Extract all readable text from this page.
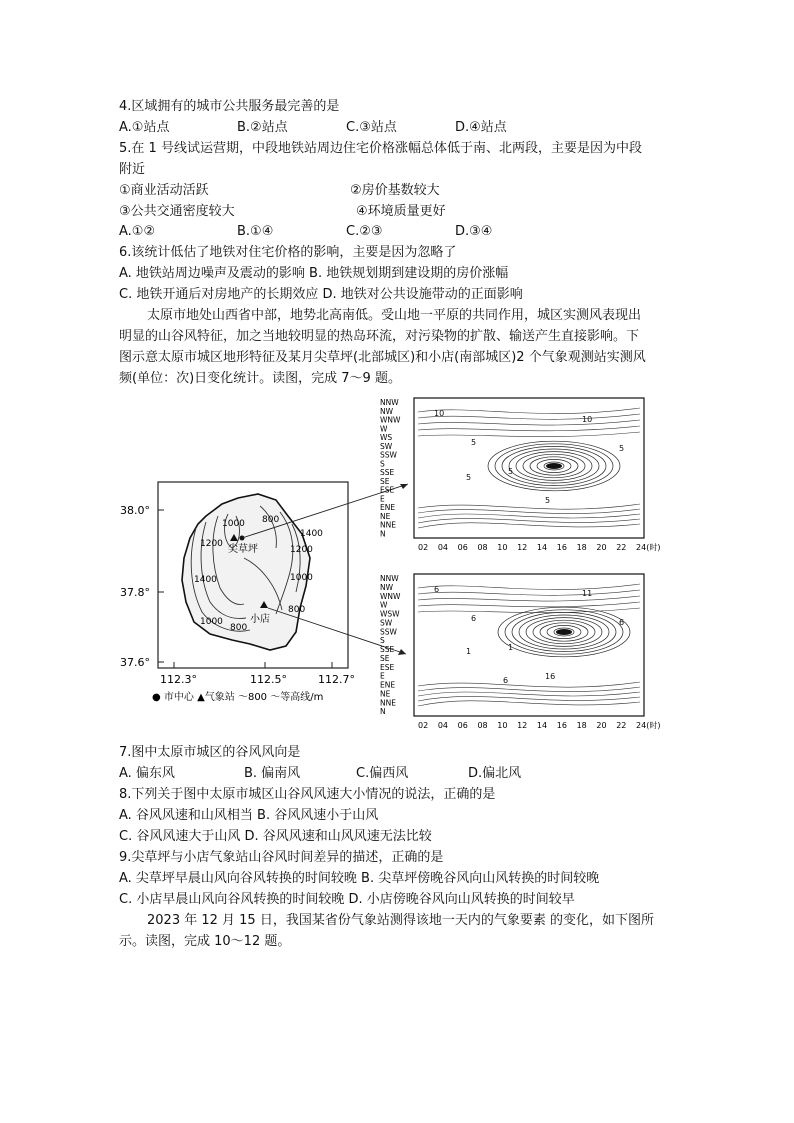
4.区域拥有的城市公共服务最完善的是
A.①站点	B.②站点	C.③站点	D.④站点
5.在 1 号线试运营期，中段地铁站周边住宅价格涨幅总体低于南、北两段，主要是因为中段
附近
①商业活动活跃	②房价基数较大
③公共交通密度较大	④环境质量更好
A.①②	B.①④	C.②③	D.③④
6.该统计低估了地铁对住宅价格的影响，主要是因为忽略了
A. 地铁站周边噪声及震动的影响 B. 地铁规划期到建设期的房价涨幅
C. 地铁开通后对房地产的长期效应 D. 地铁对公共设施带动的正面影响
太原市地处山西省中部，地势北高南低。受山地一平原的共同作用，城区实测风表现出
明显的山谷风特征，加之当地较明显的热岛环流，对污染物的扩散、输送产生直接影响。下
图示意太原市城区地形特征及某月尖草坪(北部城区)和小店(南部城区)2 个气象观测站实测风
频(单位：次)日变化统计。读图，完成 7～9 题。
38.0°
37.8°
37.6°
112.3°	112.5°	112.7°
1200
1400
1000
800
1000
1200
1400
1000
800
800
尖草坪
小店
● 市中心 ▲气象站 ～800 ～等高线/m
NNW
NW
WNW
W
WS
SW
SSW
S
SSE
SE
ESE
E
ENE
NE
NNE
N
02 04 06 08 10 12 14 16 18 20 22 24(时)
10
5
5
5
10
5
5
NNW
NW
WNW
W
WSW
SW
SSW
S
SSE
SE
ESE
E
ENE
NE
NNE
N
02 04 06 08 10 12 14 16 18 20 22 24(时)
6
6
1
16
11
6
1
6
7.图中太原市城区的谷风风向是
A. 偏东风	B. 偏南风	C.偏西风	D.偏北风
8.下列关于图中太原市城区山谷风风速大小情况的说法，正确的是
A. 谷风风速和山风相当 B. 谷风风速小于山风
C. 谷风风速大于山风 D. 谷风风速和山风风速无法比较
9.尖草坪与小店气象站山谷风时间差异的描述，正确的是
A. 尖草坪早晨山风向谷风转换的时间较晚 B. 尖草坪傍晚谷风向山风转换的时间较晚
C. 小店早晨山风向谷风转换的时间较晚 D. 小店傍晚谷风向山风转换的时间较早
2023 年 12 月 15 日，我国某省份气象站测得该地一天内的气象要素 的变化，如下图所
示。读图，完成 10～12 题。
